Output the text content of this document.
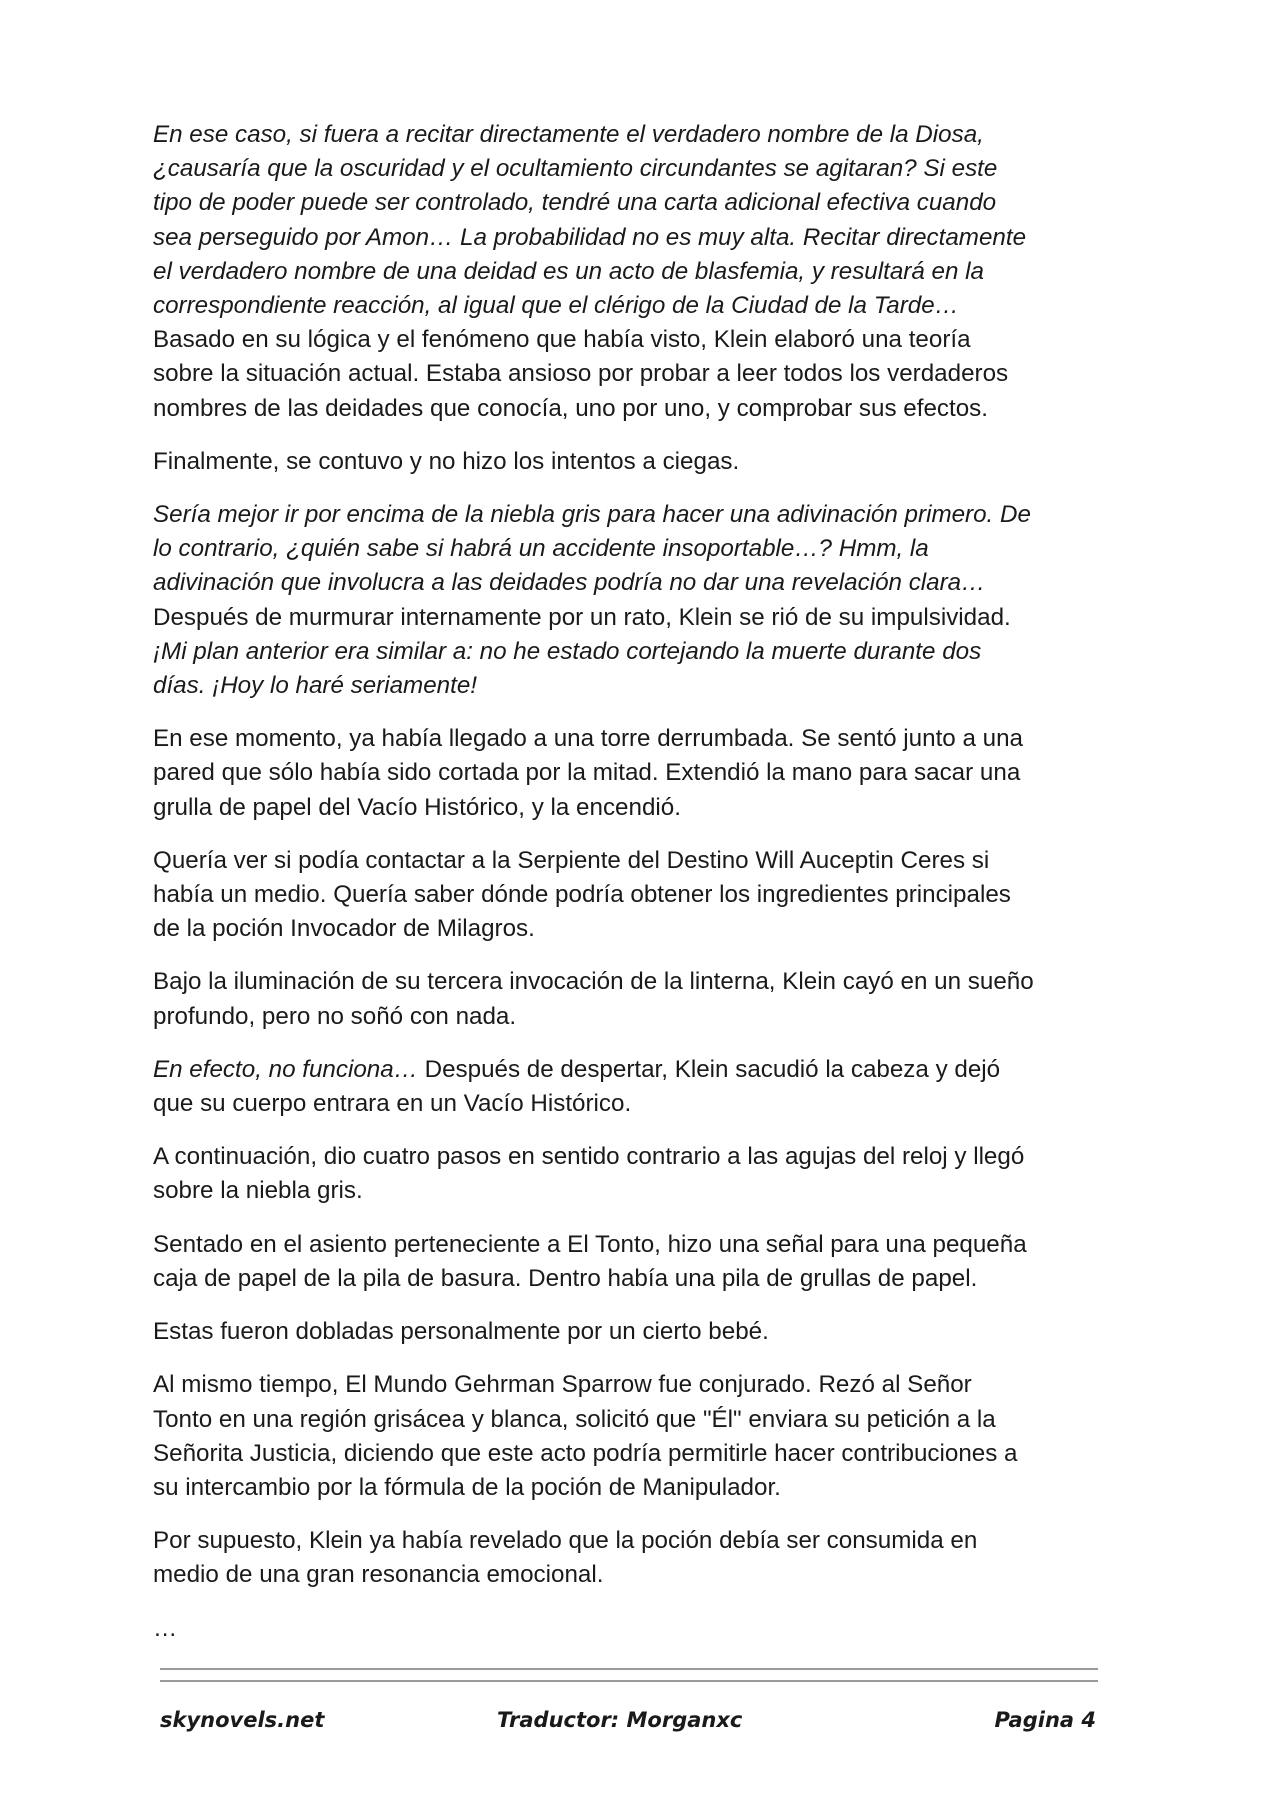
En ese caso, si fuera a recitar directamente el verdadero nombre de la Diosa,
¿causaría que la oscuridad y el ocultamiento circundantes se agitaran? Si este
tipo de poder puede ser controlado, tendré una carta adicional efectiva cuando
sea perseguido por Amon… La probabilidad no es muy alta. Recitar directamente
el verdadero nombre de una deidad es un acto de blasfemia, y resultará en la
correspondiente reacción, al igual que el clérigo de la Ciudad de la Tarde…
Basado en su lógica y el fenómeno que había visto, Klein elaboró una teoría
sobre la situación actual. Estaba ansioso por probar a leer todos los verdaderos
nombres de las deidades que conocía, uno por uno, y comprobar sus efectos.

Finalmente, se contuvo y no hizo los intentos a ciegas.

Sería mejor ir por encima de la niebla gris para hacer una adivinación primero. De
lo contrario, ¿quién sabe si habrá un accidente insoportable…? Hmm, la
adivinación que involucra a las deidades podría no dar una revelación clara…
Después de murmurar internamente por un rato, Klein se rió de su impulsividad.
¡Mi plan anterior era similar a: no he estado cortejando la muerte durante dos
días. ¡Hoy lo haré seriamente!

En ese momento, ya había llegado a una torre derrumbada. Se sentó junto a una
pared que sólo había sido cortada por la mitad. Extendió la mano para sacar una
grulla de papel del Vacío Histórico, y la encendió.

Quería ver si podía contactar a la Serpiente del Destino Will Auceptin Ceres si
había un medio. Quería saber dónde podría obtener los ingredientes principales
de la poción Invocador de Milagros.

Bajo la iluminación de su tercera invocación de la linterna, Klein cayó en un sueño
profundo, pero no soñó con nada.

En efecto, no funciona… Después de despertar, Klein sacudió la cabeza y dejó
que su cuerpo entrara en un Vacío Histórico.

A continuación, dio cuatro pasos en sentido contrario a las agujas del reloj y llegó
sobre la niebla gris.

Sentado en el asiento perteneciente a El Tonto, hizo una señal para una pequeña
caja de papel de la pila de basura. Dentro había una pila de grullas de papel.

Estas fueron dobladas personalmente por un cierto bebé.

Al mismo tiempo, El Mundo Gehrman Sparrow fue conjurado. Rezó al Señor
Tonto en una región grisácea y blanca, solicitó que "Él" enviara su petición a la
Señorita Justicia, diciendo que este acto podría permitirle hacer contribuciones a
su intercambio por la fórmula de la poción de Manipulador.

Por supuesto, Klein ya había revelado que la poción debía ser consumida en
medio de una gran resonancia emocional.

…

skynovels.net	Traductor: Morganxc	Pagina 4
